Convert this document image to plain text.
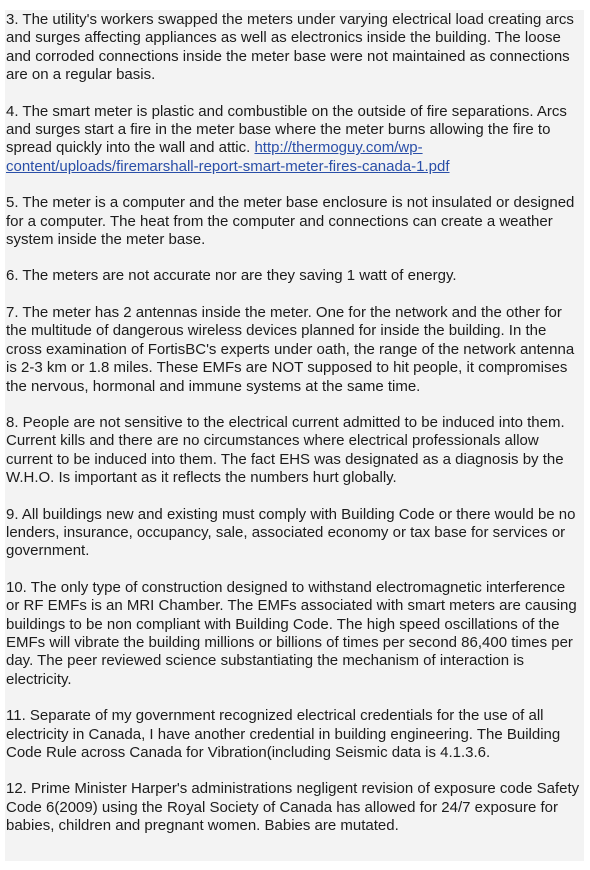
3. The utility's workers swapped the meters under varying electrical load creating arcs and surges affecting appliances as well as electronics inside the building. The loose and corroded connections inside the meter base were not maintained as connections are on a regular basis.

4. The smart meter is plastic and combustible on the outside of fire separations. Arcs and surges start a fire in the meter base where the meter burns allowing the fire to spread quickly into the wall and attic. http://thermoguy.com/wp-content/uploads/firemarshall-report-smart-meter-fires-canada-1.pdf

5. The meter is a computer and the meter base enclosure is not insulated or designed for a computer. The heat from the computer and connections can create a weather system inside the meter base.

6. The meters are not accurate nor are they saving 1 watt of energy.

7. The meter has 2 antennas inside the meter. One for the network and the other for the multitude of dangerous wireless devices planned for inside the building. In the cross examination of FortisBC's experts under oath, the range of the network antenna is 2-3 km or 1.8 miles. These EMFs are NOT supposed to hit people, it compromises the nervous, hormonal and immune systems at the same time.

8. People are not sensitive to the electrical current admitted to be induced into them. Current kills and there are no circumstances where electrical professionals allow current to be induced into them. The fact EHS was designated as a diagnosis by the W.H.O. Is important as it reflects the numbers hurt globally.

9. All buildings new and existing must comply with Building Code or there would be no lenders, insurance, occupancy, sale, associated economy or tax base for services or government.

10. The only type of construction designed to withstand electromagnetic interference or RF EMFs is an MRI Chamber. The EMFs associated with smart meters are causing buildings to be non compliant with Building Code. The high speed oscillations of the EMFs will vibrate the building millions or billions of times per second 86,400 times per day. The peer reviewed science substantiating the mechanism of interaction is electricity.

11. Separate of my government recognized electrical credentials for the use of all electricity in Canada, I have another credential in building engineering. The Building Code Rule across Canada for Vibration(including Seismic data is 4.1.3.6.

12. Prime Minister Harper's administrations negligent revision of exposure code Safety Code 6(2009) using the Royal Society of Canada has allowed for 24/7 exposure for babies, children and pregnant women. Babies are mutated.
